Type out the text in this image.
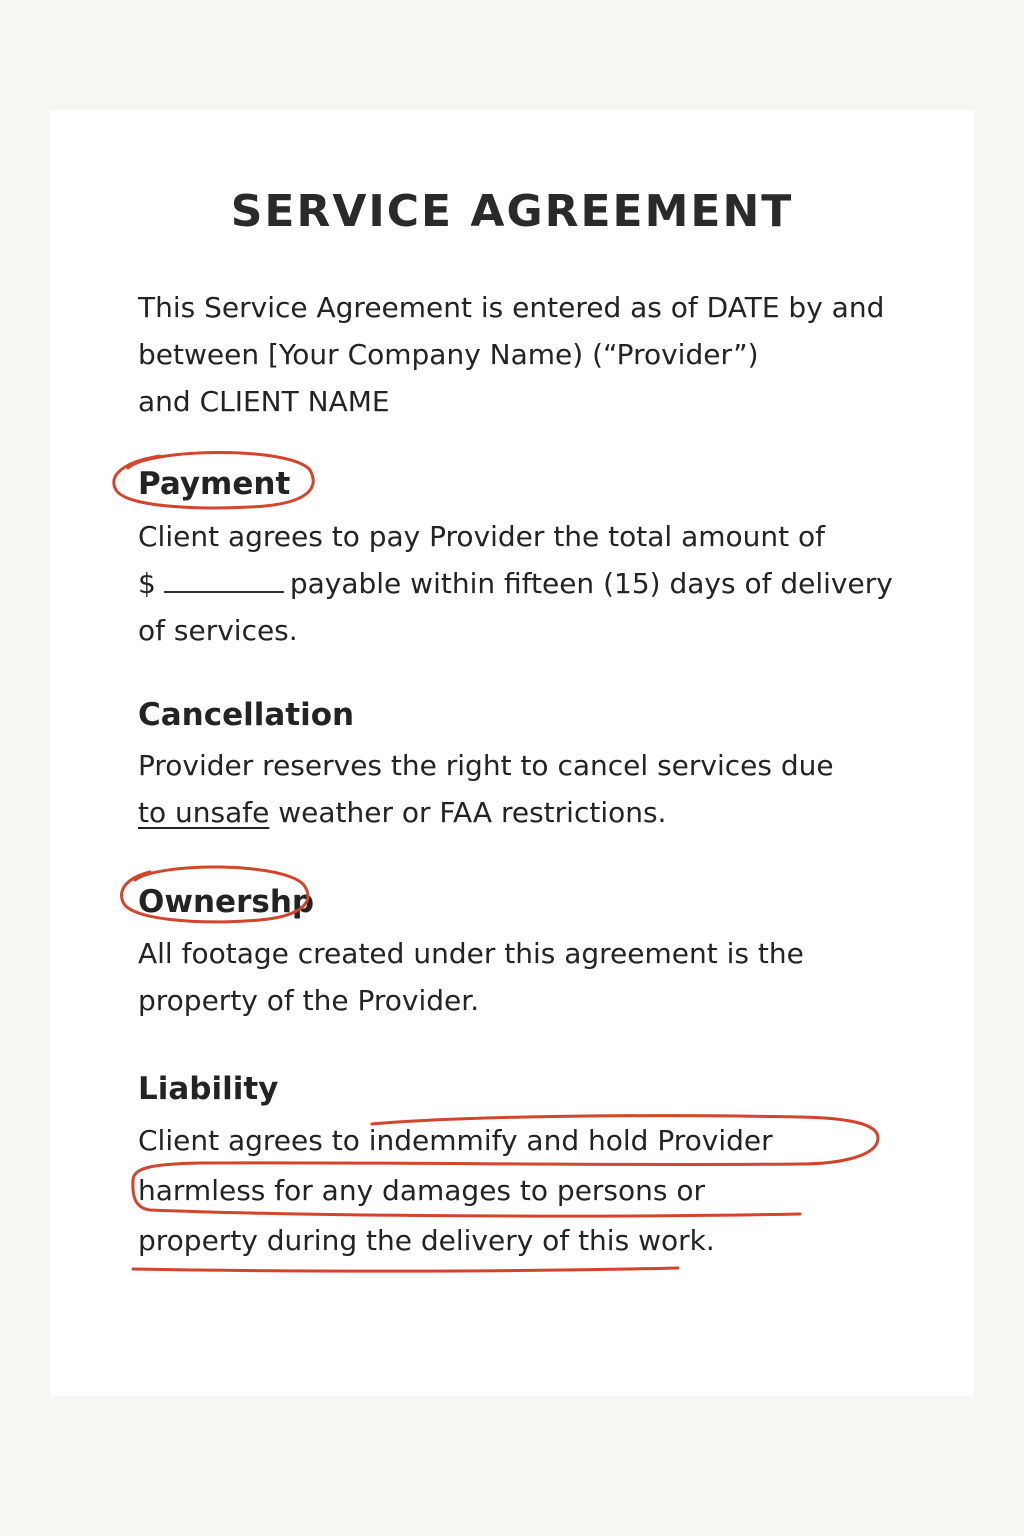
SERVICE AGREEMENT

This Service Agreement is entered as of DATE by and
between [Your Company Name) (“Provider”)
and CLIENT NAME

Payment

Client agrees to pay Provider the total amount of
$	payable within fifteen (15) days of delivery
of services.

Cancellation

Provider reserves the right to cancel services due
to unsafe weather or FAA restrictions.

Ownershp

All footage created under this agreement is the
property of the Provider.

Liability

Client agrees to indemmify and hold Provider
harmless for any damages to persons or
property during the delivery of this work.
